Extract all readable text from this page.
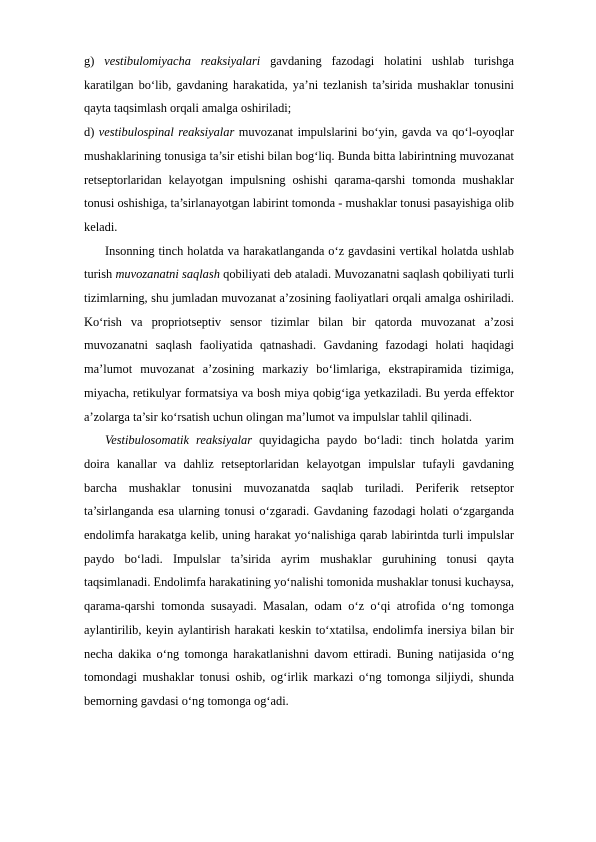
g) vestibulomiyacha reaksiyalari gavdaning fazodagi holatini ushlab turishga karatilgan bo‘lib, gavdaning harakatida, ya’ni tezlanish ta’sirida mushaklar tonusini qayta taqsimlash orqali amalga oshiriladi;

d) vestibulospinal reaksiyalar muvozanat impulslarini bo‘yin, gavda va qo‘l-oyoqlar mushaklarining tonusiga ta’sir etishi bilan bog‘liq. Bunda bitta labirintning muvozanat retseptorlaridan kelayotgan impulsning oshishi qarama-qarshi tomonda mushaklar tonusi oshishiga, ta’sirlanayotgan labirint tomonda - mushaklar tonusi pasayishiga olib keladi.

Insonning tinch holatda va harakatlanganda o‘z gavdasini vertikal holatda ushlab turish muvozanatni saqlash qobiliyati deb ataladi. Muvozanatni saqlash qobiliyati turli tizimlarning, shu jumladan muvozanat a’zosining faoliyatlari orqali amalga oshiriladi. Ko‘rish va propriotseptiv sensor tizimlar bilan bir qatorda muvozanat a’zosi muvozanatni saqlash faoliyatida qatnashadi. Gavdaning fazodagi holati haqidagi ma’lumot muvozanat a’zosining markaziy bo‘limlariga, ekstrapiramida tizimiga, miyacha, retikulyar formatsiya va bosh miya qobig‘iga yetkaziladi. Bu yerda effektor a’zolarga ta’sir ko‘rsatish uchun olingan ma’lumot va impulslar tahlil qilinadi.

Vestibulosomatik reaksiyalar quyidagicha paydo bo‘ladi: tinch holatda yarim doira kanallar va dahliz retseptorlaridan kelayotgan impulslar tufayli gavdaning barcha mushaklar tonusini muvozanatda saqlab turiladi. Periferik retseptor ta’sirlanganda esa ularning tonusi o‘zgaradi. Gavdaning fazodagi holati o‘zgarganda endolimfa harakatga kelib, uning harakat yo‘nalishiga qarab labirintda turli impulslar paydo bo‘ladi. Impulslar ta’sirida ayrim mushaklar guruhining tonusi qayta taqsimlanadi. Endolimfa harakatining yo‘nalishi tomonida mushaklar tonusi kuchaysa, qarama-qarshi tomonda susayadi. Masalan, odam o‘z o‘qi atrofida o‘ng tomonga aylantirilib, keyin aylantirish harakati keskin to‘xtatilsa, endolimfa inersiya bilan bir necha dakika o‘ng tomonga harakatlanishni davom ettiradi. Buning natijasida o‘ng tomondagi mushaklar tonusi oshib, og‘irlik markazi o‘ng tomonga siljiydi, shunda bemorning gavdasi o‘ng tomonga og‘adi.
